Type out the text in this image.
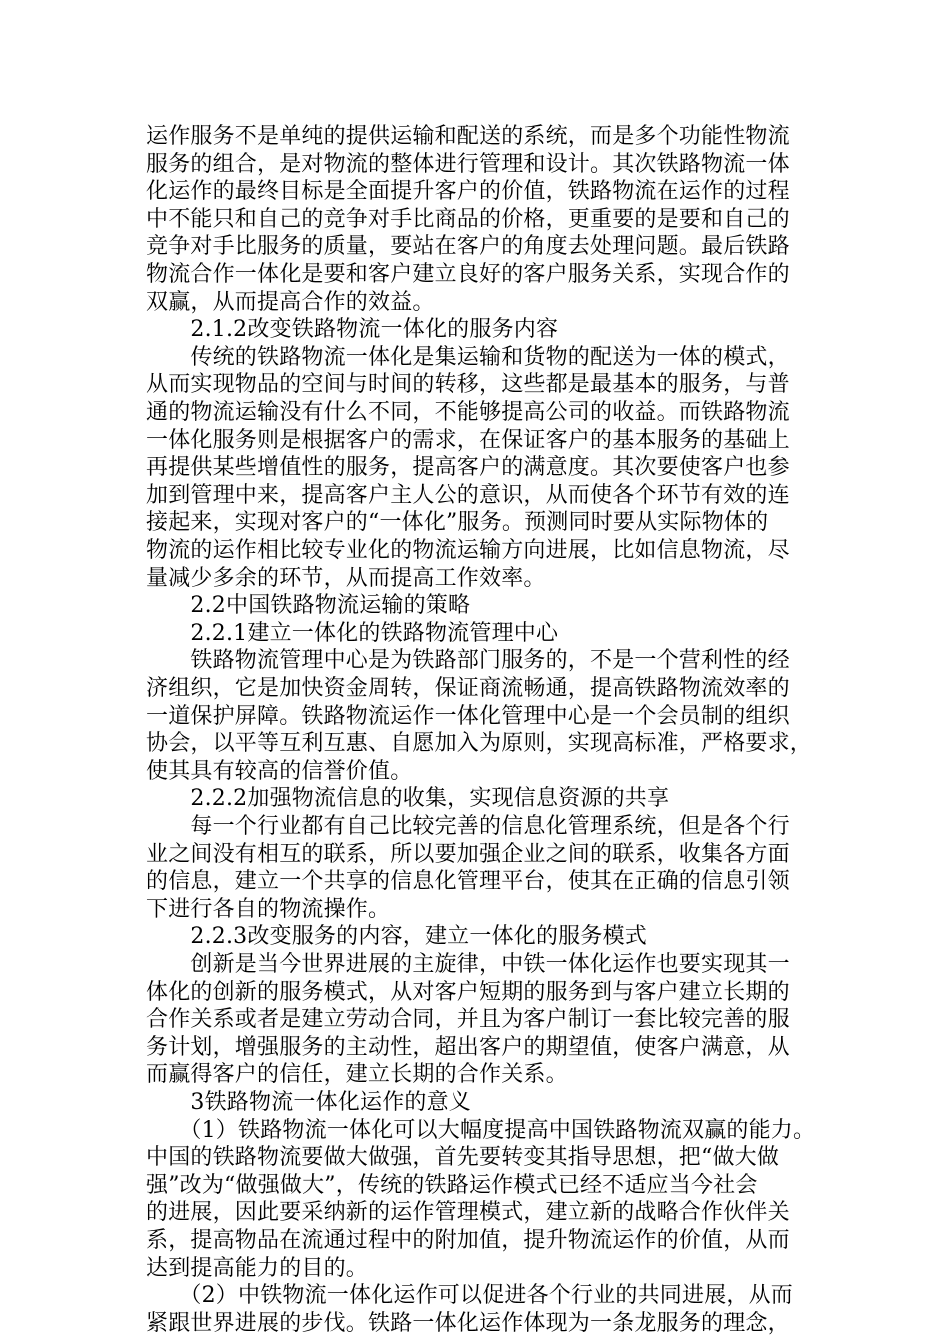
运作服务不是单纯的提供运输和配送的系统，而是多个功能性物流
服务的组合，是对物流的整体进行管理和设计。其次铁路物流一体
化运作的最终目标是全面提升客户的价值，铁路物流在运作的过程
中不能只和自己的竞争对手比商品的价格，更重要的是要和自己的
竞争对手比服务的质量，要站在客户的角度去处理问题。最后铁路
物流合作一体化是要和客户建立良好的客户服务关系，实现合作的
双赢，从而提高合作的效益。
　　2.1.2改变铁路物流一体化的服务内容
　　传统的铁路物流一体化是集运输和货物的配送为一体的模式，
从而实现物品的空间与时间的转移，这些都是最基本的服务，与普
通的物流运输没有什么不同，不能够提高公司的收益。而铁路物流
一体化服务则是根据客户的需求，在保证客户的基本服务的基础上
再提供某些增值性的服务，提高客户的满意度。其次要使客户也参
加到管理中来，提高客户主人公的意识，从而使各个环节有效的连
接起来，实现对客户的“一体化”服务。预测同时要从实际物体的
物流的运作相比较专业化的物流运输方向进展，比如信息物流，尽
量减少多余的环节，从而提高工作效率。
　　2.2中国铁路物流运输的策略
　　2.2.1建立一体化的铁路物流管理中心
　　铁路物流管理中心是为铁路部门服务的，不是一个营利性的经
济组织，它是加快资金周转，保证商流畅通，提高铁路物流效率的
一道保护屏障。铁路物流运作一体化管理中心是一个会员制的组织
协会，以平等互利互惠、自愿加入为原则，实现高标准，严格要求，
使其具有较高的信誉价值。
　　2.2.2加强物流信息的收集，实现信息资源的共享
　　每一个行业都有自己比较完善的信息化管理系统，但是各个行
业之间没有相互的联系，所以要加强企业之间的联系，收集各方面
的信息，建立一个共享的信息化管理平台，使其在正确的信息引领
下进行各自的物流操作。
　　2.2.3改变服务的内容，建立一体化的服务模式
　　创新是当今世界进展的主旋律，中铁一体化运作也要实现其一
体化的创新的服务模式，从对客户短期的服务到与客户建立长期的
合作关系或者是建立劳动合同，并且为客户制订一套比较完善的服
务计划，增强服务的主动性，超出客户的期望值，使客户满意，从
而赢得客户的信任，建立长期的合作关系。
　　3铁路物流一体化运作的意义
　　（1）铁路物流一体化可以大幅度提高中国铁路物流双赢的能力。
中国的铁路物流要做大做强，首先要转变其指导思想，把“做大做
强”改为“做强做大”，传统的铁路运作模式已经不适应当今社会
的进展，因此要采纳新的运作管理模式，建立新的战略合作伙伴关
系，提高物品在流通过程中的附加值，提升物流运作的价值，从而
达到提高能力的目的。
　　（2）中铁物流一体化运作可以促进各个行业的共同进展，从而
紧跟世界进展的步伐。铁路一体化运作体现为一条龙服务的理念，
